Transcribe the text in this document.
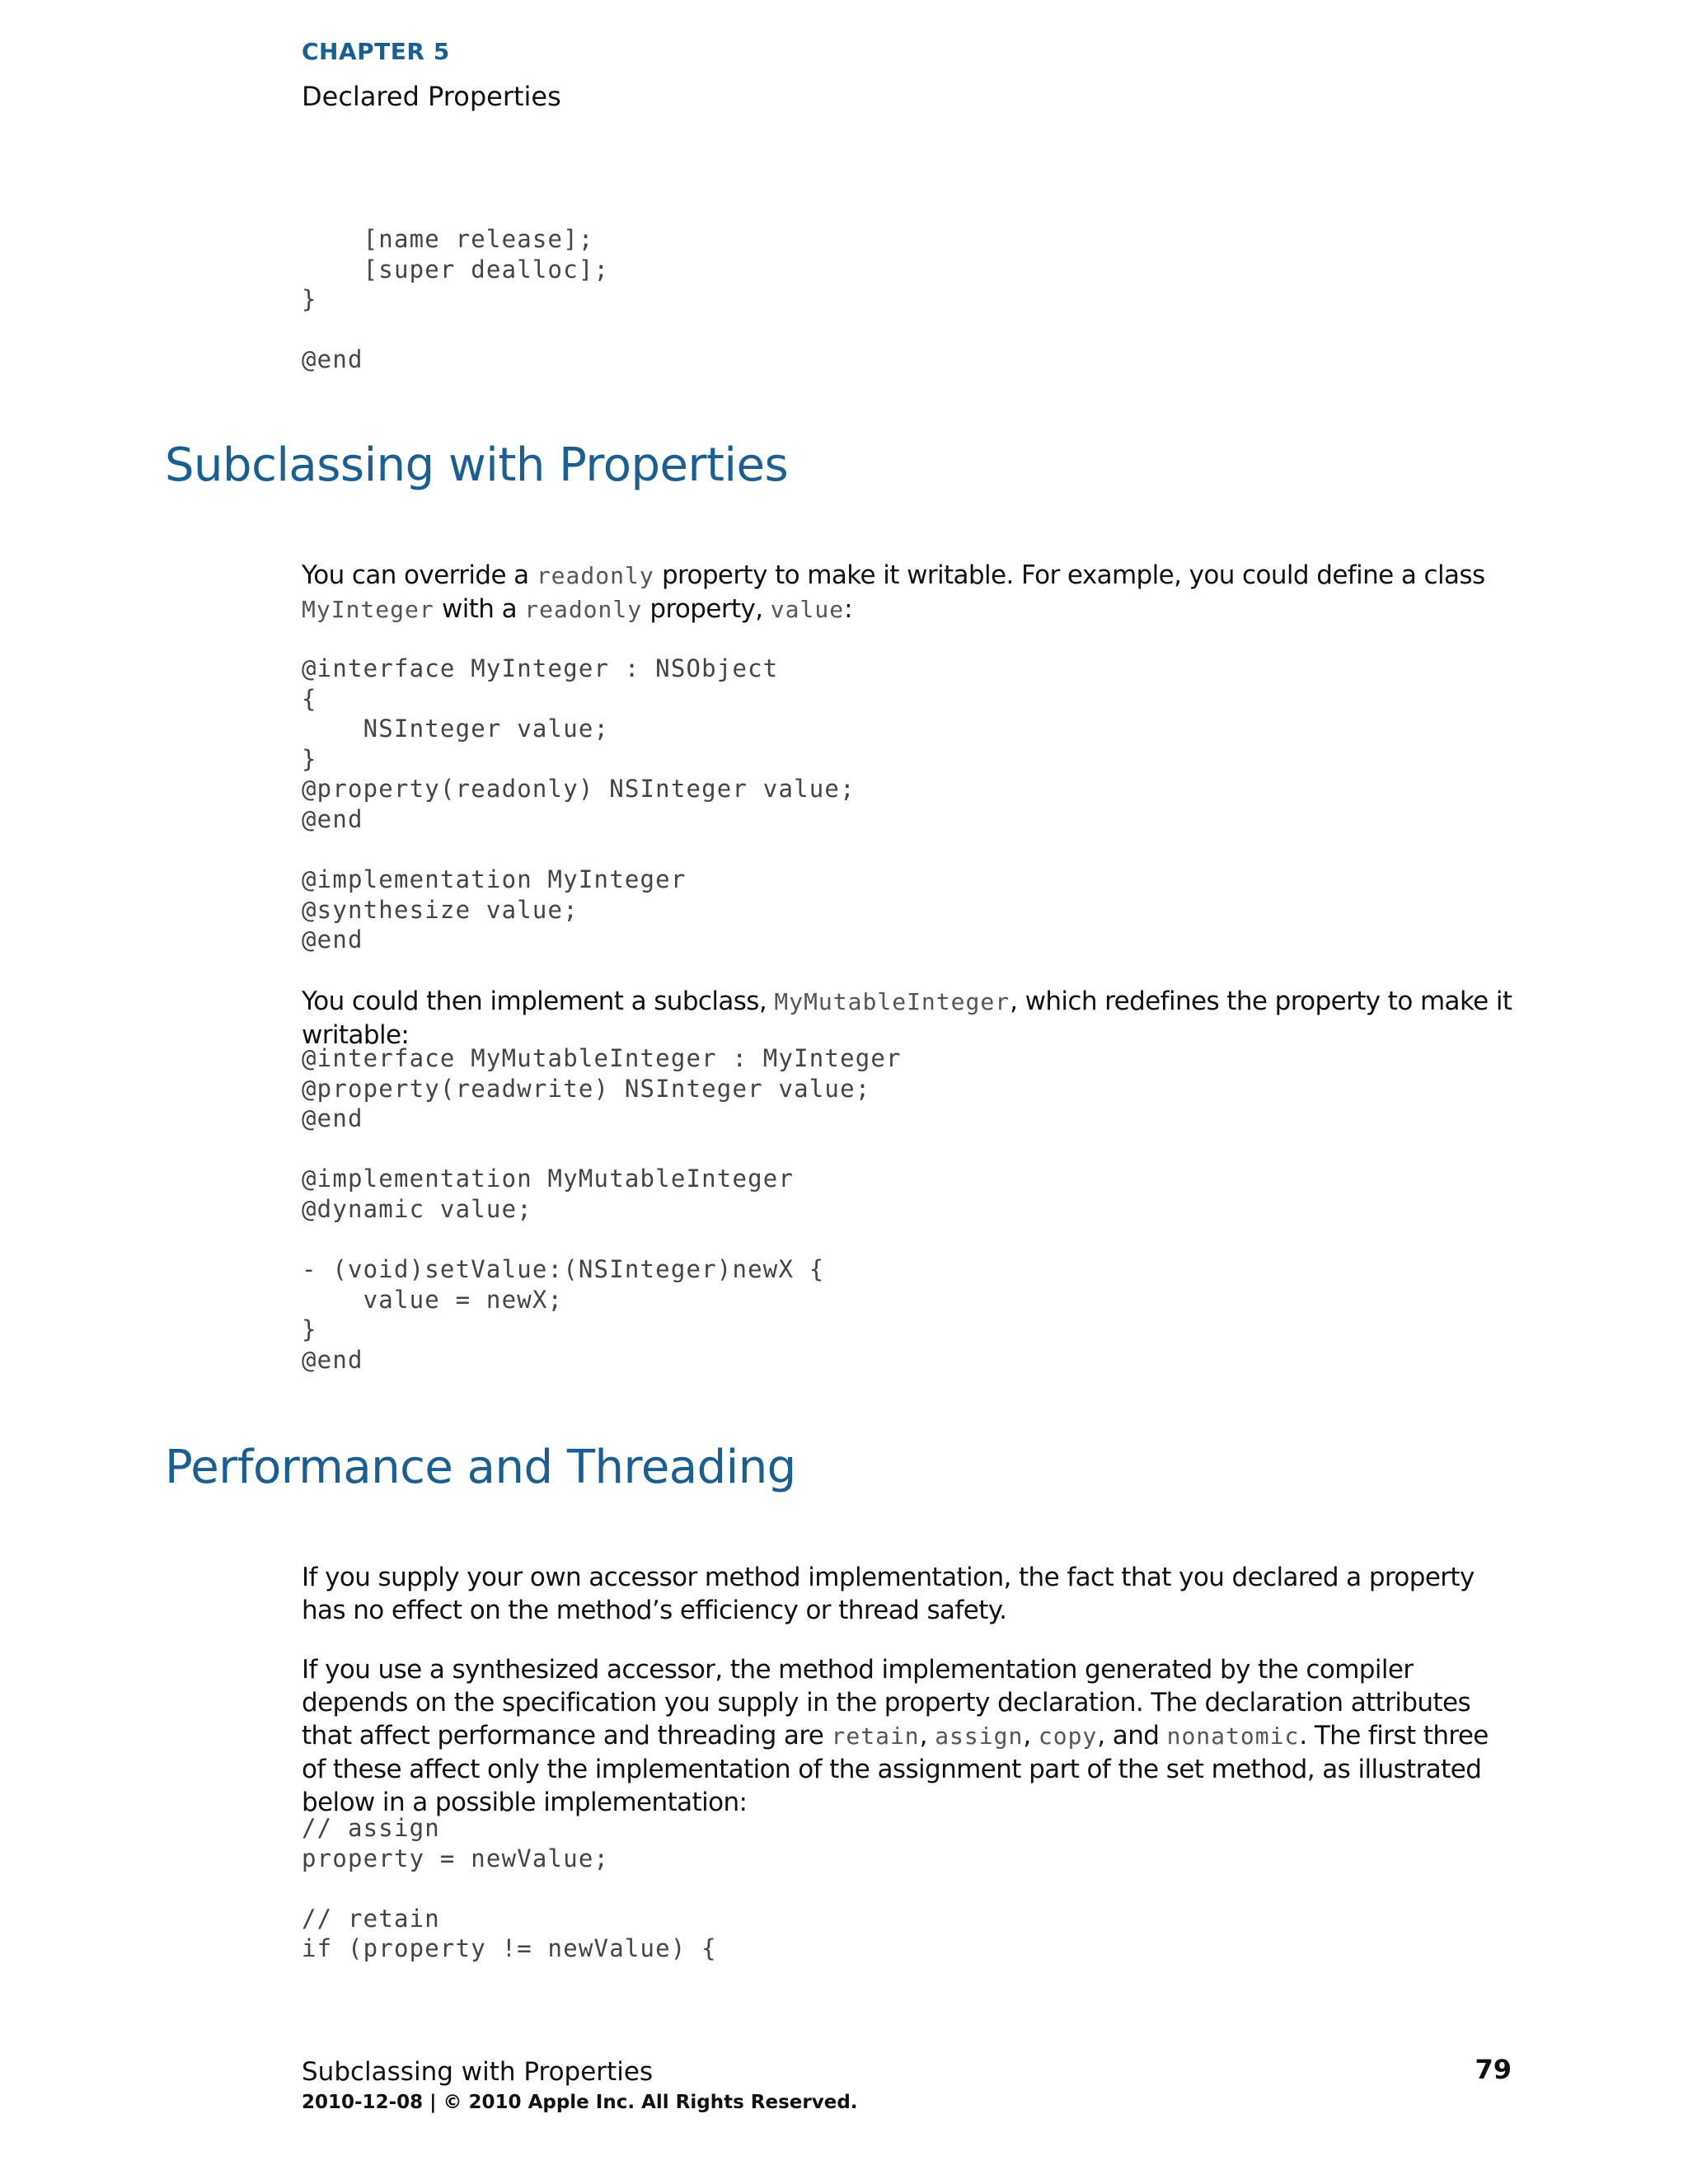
CHAPTER 5
Declared Properties
[name release];
[super dealloc];
}

@end
Subclassing with Properties

You can override a readonly property to make it writable. For example, you could define a class MyInteger with a readonly property, value:

@interface MyInteger : NSObject
{
NSInteger value;
}
@property(readonly) NSInteger value;
@end

@implementation MyInteger
@synthesize value;
@end

You could then implement a subclass, MyMutableInteger, which redefines the property to make it writable:

@interface MyMutableInteger : MyInteger
@property(readwrite) NSInteger value;
@end

@implementation MyMutableInteger
@dynamic value;

- (void)setValue:(NSInteger)newX {
value = newX;
}
@end
Performance and Threading

If you supply your own accessor method implementation, the fact that you declared a property has no effect on the method’s efficiency or thread safety.

If you use a synthesized accessor, the method implementation generated by the compiler depends on the specification you supply in the property declaration. The declaration attributes that affect performance and threading are retain, assign, copy, and nonatomic. The first three of these affect only the implementation of the assignment part of the set method, as illustrated below in a possible implementation:

// assign
property = newValue;

// retain
if (property != newValue) {
Subclassing with Properties	79
2010-12-08 | © 2010 Apple Inc. All Rights Reserved.
